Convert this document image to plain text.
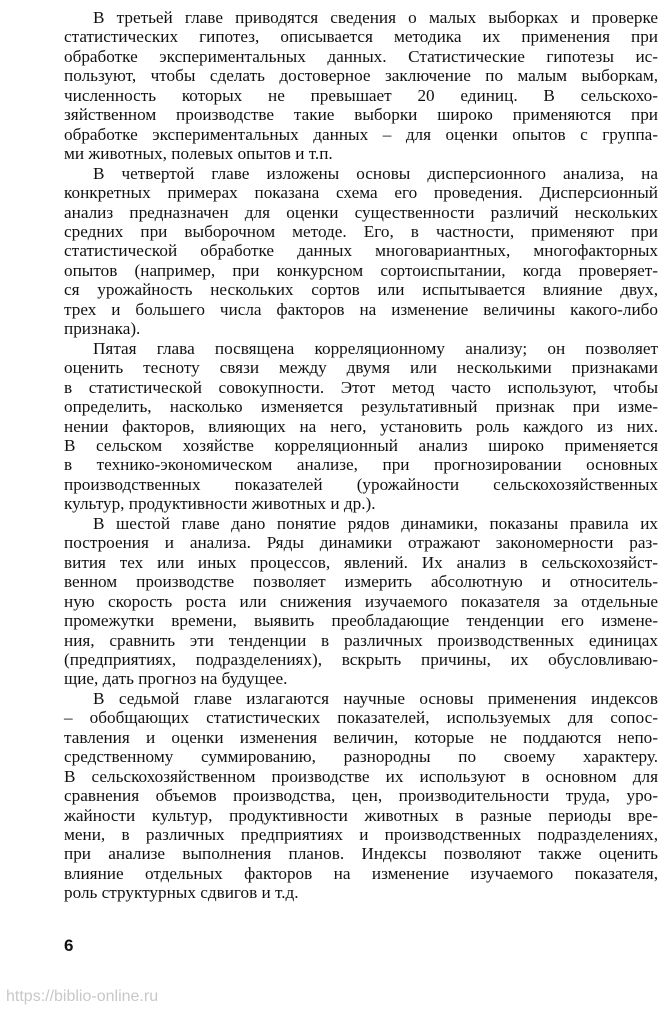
В третьей главе приводятся сведения о малых выборках и проверке
статистических гипотез, описывается методика их применения при
обработке экспериментальных данных. Статистические гипотезы ис-
пользуют, чтобы сделать достоверное заключение по малым выборкам,
численность которых не превышает 20 единиц. В сельскохо-
зяйственном производстве такие выборки широко применяются при
обработке экспериментальных данных – для оценки опытов с группа-
ми животных, полевых опытов и т.п.
В четвертой главе изложены основы дисперсионного анализа, на
конкретных примерах показана схема его проведения. Дисперсионный
анализ предназначен для оценки существенности различий нескольких
средних при выборочном методе. Его, в частности, применяют при
статистической обработке данных многовариантных, многофакторных
опытов (например, при конкурсном сортоиспытании, когда проверяет-
ся урожайность нескольких сортов или испытывается влияние двух,
трех и большего числа факторов на изменение величины какого-либо
признака).
Пятая глава посвящена корреляционному анализу; он позволяет
оценить тесноту связи между двумя или несколькими признаками
в статистической совокупности. Этот метод часто используют, чтобы
определить, насколько изменяется результативный признак при изме-
нении факторов, влияющих на него, установить роль каждого из них.
В сельском хозяйстве корреляционный анализ широко применяется
в технико-экономическом анализе, при прогнозировании основных
производственных показателей (урожайности сельскохозяйственных
культур, продуктивности животных и др.).
В шестой главе дано понятие рядов динамики, показаны правила их
построения и анализа. Ряды динамики отражают закономерности раз-
вития тех или иных процессов, явлений. Их анализ в сельскохозяйст-
венном производстве позволяет измерить абсолютную и относитель-
ную скорость роста или снижения изучаемого показателя за отдельные
промежутки времени, выявить преобладающие тенденции его измене-
ния, сравнить эти тенденции в различных производственных единицах
(предприятиях, подразделениях), вскрыть причины, их обусловливаю-
щие, дать прогноз на будущее.
В седьмой главе излагаются научные основы применения индексов
– обобщающих статистических показателей, используемых для сопос-
тавления и оценки изменения величин, которые не поддаются непо-
средственному суммированию, разнородны по своему характеру.
В сельскохозяйственном производстве их используют в основном для
сравнения объемов производства, цен, производительности труда, уро-
жайности культур, продуктивности животных в разные периоды вре-
мени, в различных предприятиях и производственных подразделениях,
при анализе выполнения планов. Индексы позволяют также оценить
влияние отдельных факторов на изменение изучаемого показателя,
роль структурных сдвигов и т.д.
6
https://biblio-online.ru
